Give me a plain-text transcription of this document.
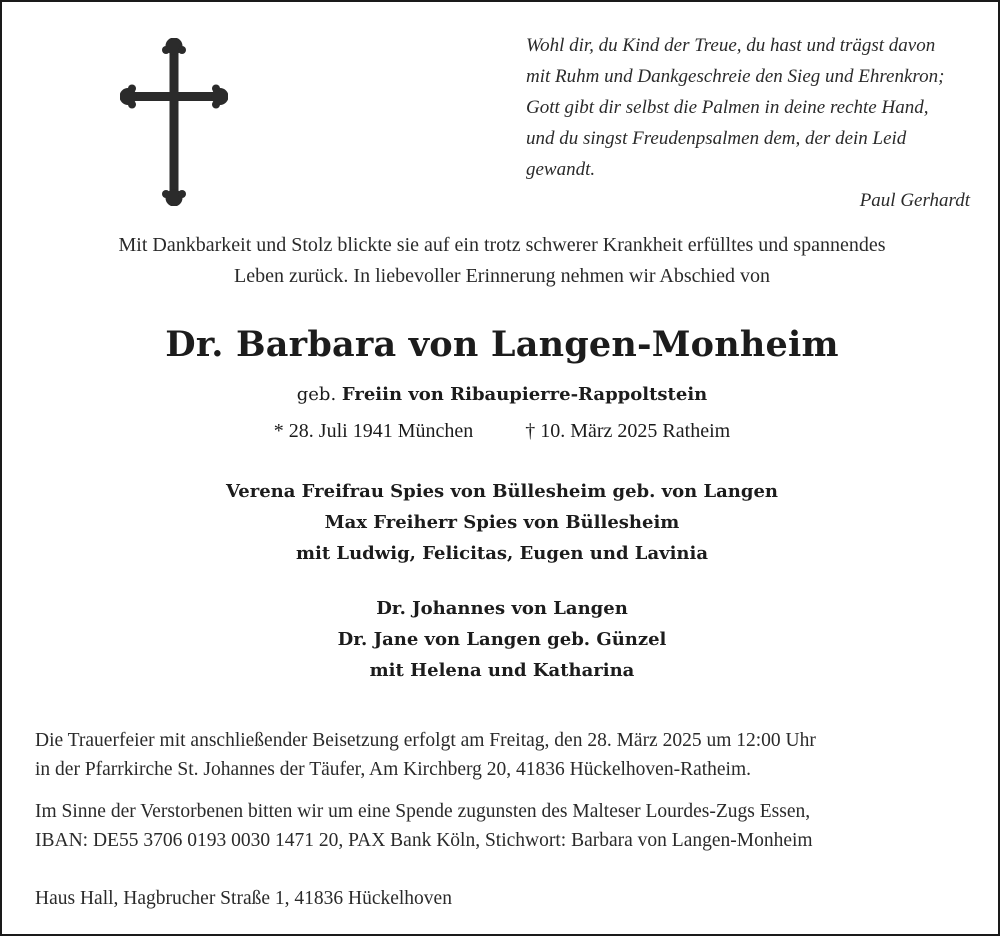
Wohl dir, du Kind der Treue, du hast und trägst davon
mit Ruhm und Dankgeschreie den Sieg und Ehrenkron;
Gott gibt dir selbst die Palmen in deine rechte Hand,
und du singst Freudenpsalmen dem, der dein Leid
gewandt.
Paul Gerhardt
Mit Dankbarkeit und Stolz blickte sie auf ein trotz schwerer Krankheit erfülltes und spannendes
Leben zurück. In liebevoller Erinnerung nehmen wir Abschied von
Dr. Barbara von Langen-Monheim
geb. Freiin von Ribaupierre-Rappoltstein
* 28. Juli 1941 München	† 10. März 2025 Ratheim
Verena Freifrau Spies von Büllesheim geb. von Langen
Max Freiherr Spies von Büllesheim
mit Ludwig, Felicitas, Eugen und Lavinia
Dr. Johannes von Langen
Dr. Jane von Langen geb. Günzel
mit Helena und Katharina
Die Trauerfeier mit anschließender Beisetzung erfolgt am Freitag, den 28. März 2025 um 12:00 Uhr
in der Pfarrkirche St. Johannes der Täufer, Am Kirchberg 20, 41836 Hückelhoven-Ratheim.
Im Sinne der Verstorbenen bitten wir um eine Spende zugunsten des Malteser Lourdes-Zugs Essen,
IBAN: DE55 3706 0193 0030 1471 20, PAX Bank Köln, Stichwort: Barbara von Langen-Monheim
Haus Hall, Hagbrucher Straße 1, 41836 Hückelhoven
